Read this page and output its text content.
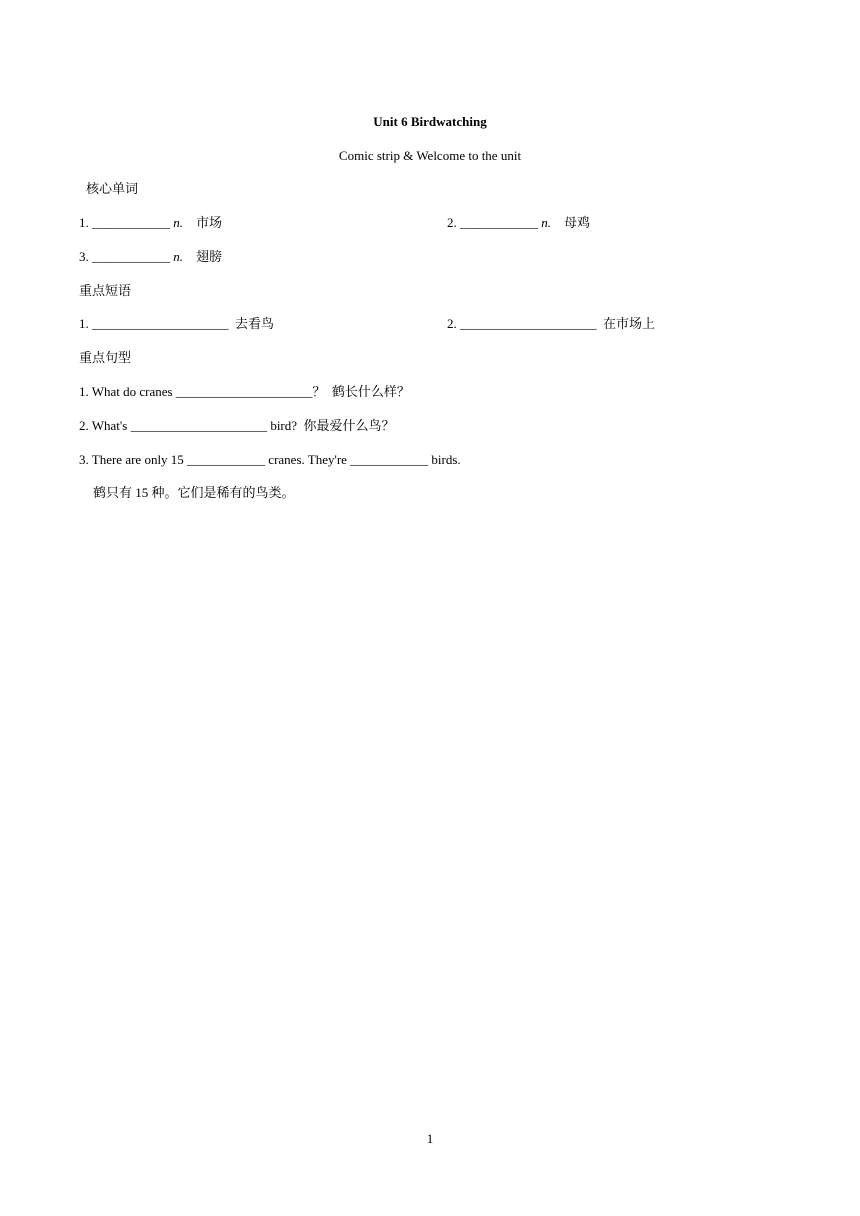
Unit 6 Birdwatching
Comic strip & Welcome to the unit
核心单词
1. ____________ n. 市场	2. ____________ n. 母鸡
3. ____________ n. 翅膀
重点短语
1. _____________________  去看鸟	2. _____________________  在市场上
重点句型
1. What do cranes _____________________？  鹤长什么样？
2. What's _____________________ bird?  你最爱什么鸟？
3. There are only 15 ____________ cranes. They're ____________ birds.
鹤只有 15 种。它们是稀有的鸟类。
1
